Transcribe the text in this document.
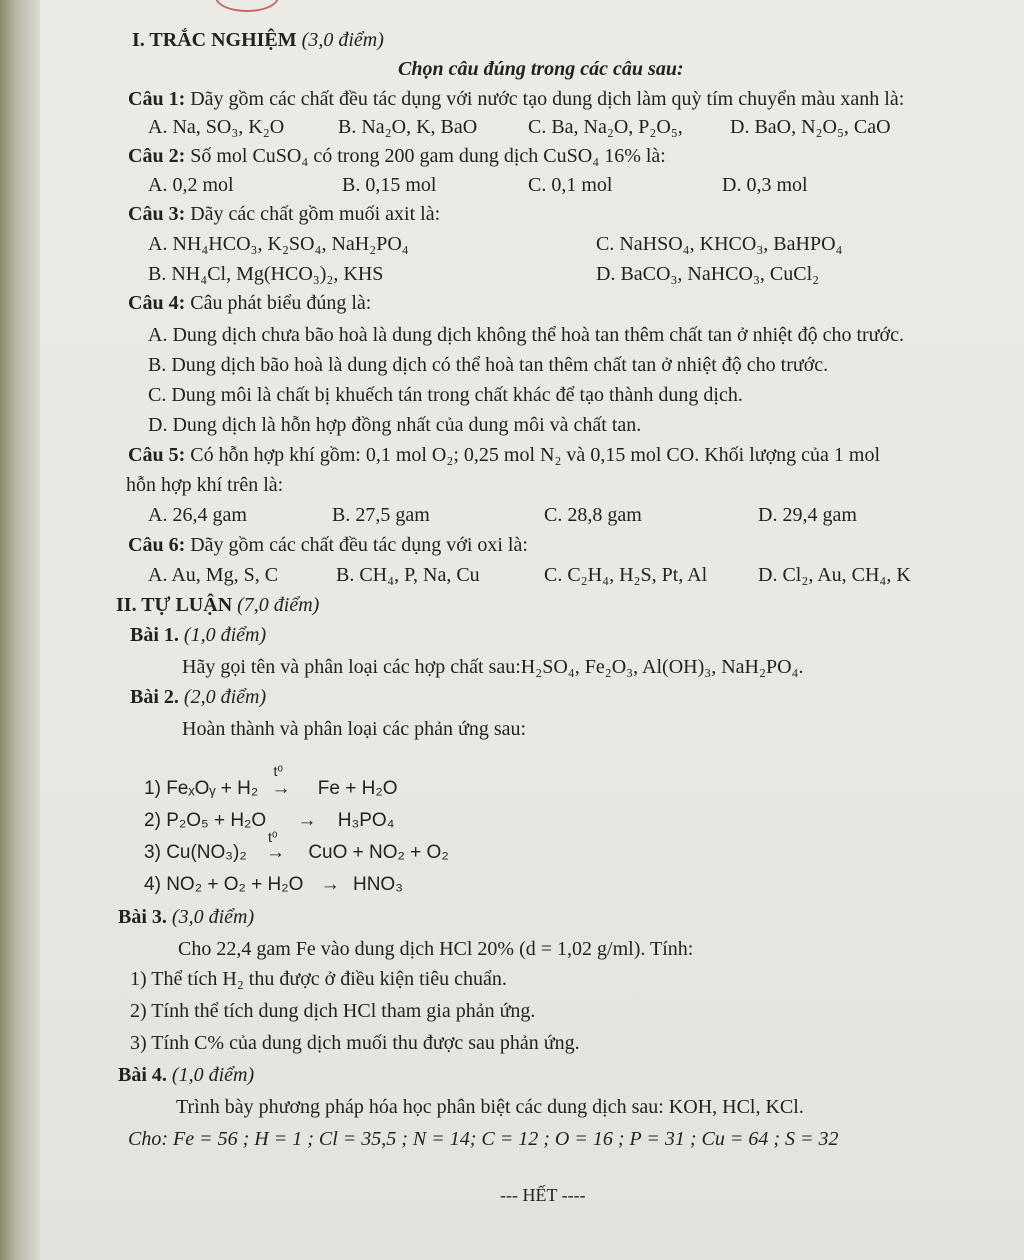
I. TRẮC NGHIỆM (3,0 điểm)
Chọn câu đúng trong các câu sau:
Câu 1: Dãy gồm các chất đều tác dụng với nước tạo dung dịch làm quỳ tím chuyển màu xanh là:
A. Na, SO₃, K₂O	B. Na₂O, K, BaO	C. Ba, Na₂O, P₂O₅, D. BaO, N₂O₅, CaO
Câu 2: Số mol CuSO₄ có trong 200 gam dung dịch CuSO₄ 16% là:
A. 0,2 mol	B. 0,15 mol	C. 0,1 mol	D. 0,3 mol
Câu 3: Dãy các chất gồm muối axit là:
A. NH₄HCO₃, K₂SO₄, NaH₂PO₄	C. NaHSO₄, KHCO₃, BaHPO₄
B. NH₄Cl, Mg(HCO₃)₂, KHS	D. BaCO₃, NaHCO₃, CuCl₂
Câu 4: Câu phát biểu đúng là:
A. Dung dịch chưa bão hoà là dung dịch không thể hoà tan thêm chất tan ở nhiệt độ cho trước.
B. Dung dịch bão hoà là dung dịch có thể hoà tan thêm chất tan ở nhiệt độ cho trước.
C. Dung môi là chất bị khuếch tán trong chất khác để tạo thành dung dịch.
D. Dung dịch là hỗn hợp đồng nhất của dung môi và chất tan.
Câu 5: Có hỗn hợp khí gồm: 0,1 mol O₂; 0,25 mol N₂ và 0,15 mol CO. Khối lượng của 1 mol
hỗn hợp khí trên là:
A. 26,4 gam	B. 27,5 gam	C. 28,8 gam	D. 29,4 gam
Câu 6: Dãy gồm các chất đều tác dụng với oxi là:
A. Au, Mg, S, C	B. CH₄, P, Na, Cu	C. C₂H₄, H₂S, Pt, Al	D. Cl₂, Au, CH₄, K
II. TỰ LUẬN (7,0 điểm)
Bài 1. (1,0 điểm)
Hãy gọi tên và phân loại các hợp chất sau:H₂SO₄, Fe₂O₃, Al(OH)₃, NaH₂PO₄.
Bài 2. (2,0 điểm)
Hoàn thành và phân loại các phản ứng sau:
1) FeₓOᵧ + H₂
t⁰
→ Fe + H₂O
2) P₂O₅ + H₂O → H₃PO₄
3) Cu(NO₃)₂
t⁰
→ CuO + NO₂ + O₂
4) NO₂ + O₂ + H₂O → HNO₃
Bài 3. (3,0 điểm)
Cho 22,4 gam Fe vào dung dịch HCl 20% (d = 1,02 g/ml). Tính:
1) Thể tích H₂ thu được ở điều kiện tiêu chuẩn.
2) Tính thể tích dung dịch HCl tham gia phản ứng.
3) Tính C% của dung dịch muối thu được sau phản ứng.
Bài 4. (1,0 điểm)
Trình bày phương pháp hóa học phân biệt các dung dịch sau: KOH, HCl, KCl.
Cho: Fe = 56 ; H = 1 ; Cl = 35,5 ; N = 14; C = 12 ; O = 16 ; P = 31 ; Cu = 64 ; S = 32
--- HẾT ----
